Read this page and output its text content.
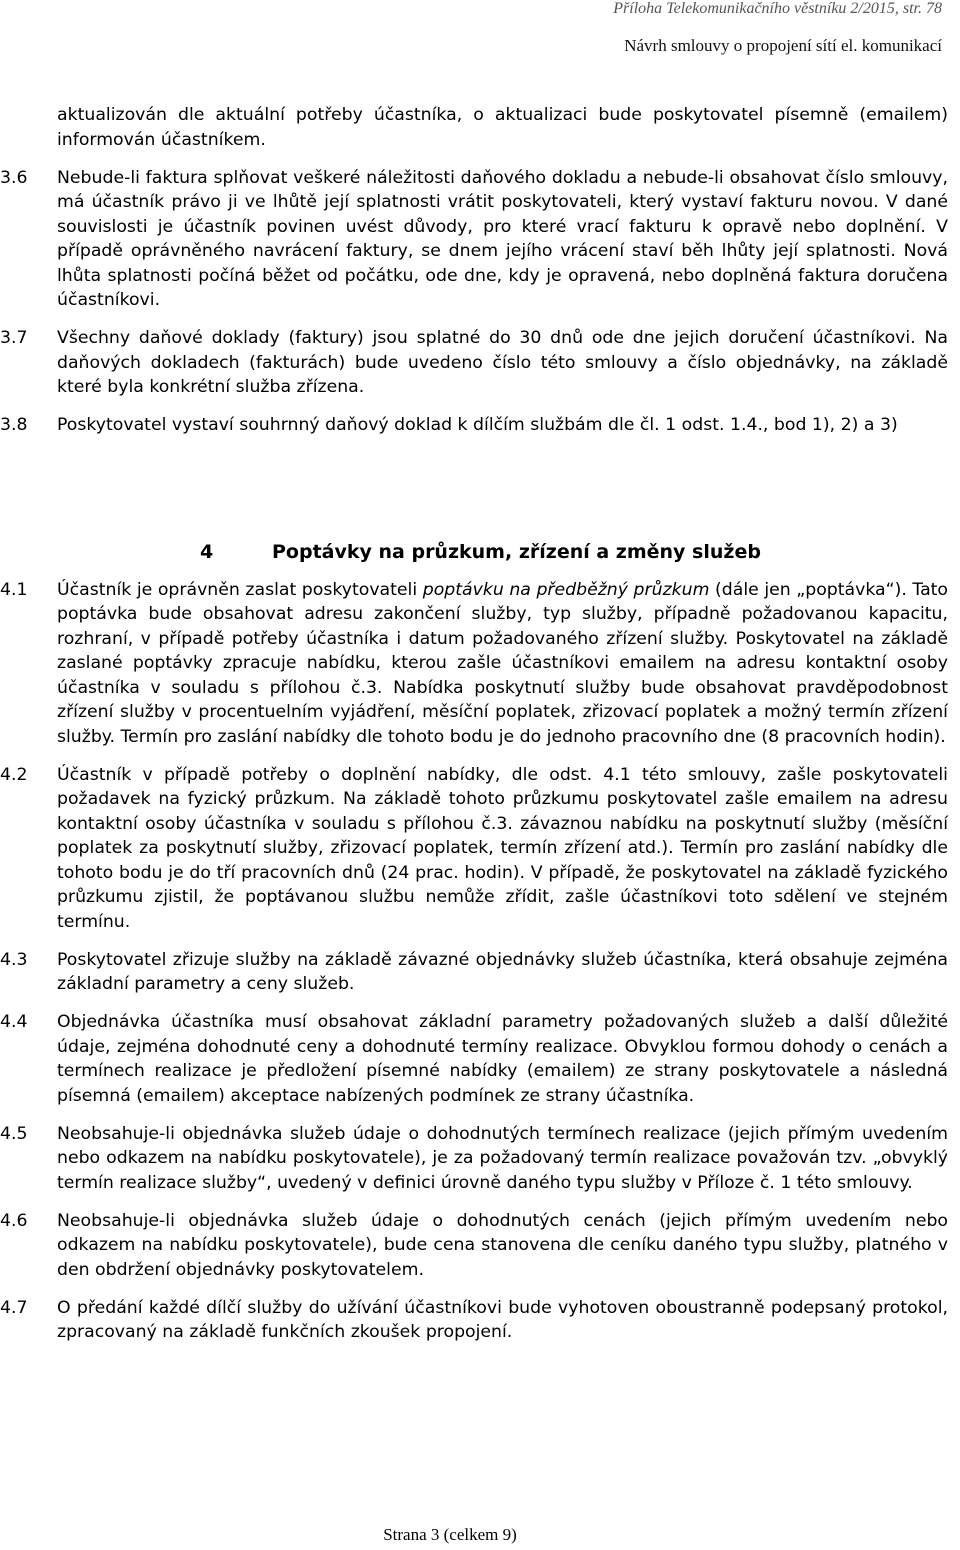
Příloha Telekomunikačního věstníku 2/2015, str. 78
Návrh smlouvy o propojení sítí el. komunikací
aktualizován dle aktuální potřeby účastníka, o aktualizaci bude poskytovatel písemně (emailem) informován účastníkem.
3.6 Nebude-li faktura splňovat veškeré náležitosti daňového dokladu a nebude-li obsahovat číslo smlouvy, má účastník právo ji ve lhůtě její splatnosti vrátit poskytovateli, který vystaví fakturu novou. V dané souvislosti je účastník povinen uvést důvody, pro které vrací fakturu k opravě nebo doplnění. V případě oprávněného navrácení faktury, se dnem jejího vrácení staví běh lhůty její splatnosti. Nová lhůta splatnosti počíná běžet od počátku, ode dne, kdy je opravená, nebo doplněná faktura doručena účastníkovi.
3.7 Všechny daňové doklady (faktury) jsou splatné do 30 dnů ode dne jejich doručení účastníkovi. Na daňových dokladech (fakturách) bude uvedeno číslo této smlouvy a číslo objednávky, na základě které byla konkrétní služba zřízena.
3.8 Poskytovatel vystaví souhrnný daňový doklad k dílčím službám dle čl. 1 odst. 1.4., bod 1), 2) a 3)
4	Poptávky na průzkum, zřízení a změny služeb
4.1 Účastník je oprávněn zaslat poskytovateli poptávku na předběžný průzkum (dále jen „poptávka“). Tato poptávka bude obsahovat adresu zakončení služby, typ služby, případně požadovanou kapacitu, rozhraní, v případě potřeby účastníka i datum požadovaného zřízení služby. Poskytovatel na základě zaslané poptávky zpracuje nabídku, kterou zašle účastníkovi emailem na adresu kontaktní osoby účastníka v souladu s přílohou č.3. Nabídka poskytnutí služby bude obsahovat pravděpodobnost zřízení služby v procentuelním vyjádření, měsíční poplatek, zřizovací poplatek a možný termín zřízení služby. Termín pro zaslání nabídky dle tohoto bodu je do jednoho pracovního dne (8 pracovních hodin).
4.2 Účastník v případě potřeby o doplnění nabídky, dle odst. 4.1 této smlouvy, zašle poskytovateli požadavek na fyzický průzkum. Na základě tohoto průzkumu poskytovatel zašle emailem na adresu kontaktní osoby účastníka v souladu s přílohou č.3. závaznou nabídku na poskytnutí služby (měsíční poplatek za poskytnutí služby, zřizovací poplatek, termín zřízení atd.). Termín pro zaslání nabídky dle tohoto bodu je do tří pracovních dnů (24 prac. hodin). V případě, že poskytovatel na základě fyzického průzkumu zjistil, že poptávanou službu nemůže zřídit, zašle účastníkovi toto sdělení ve stejném termínu.
4.3 Poskytovatel zřizuje služby na základě závazné objednávky služeb účastníka, která obsahuje zejména základní parametry a ceny služeb.
4.4 Objednávka účastníka musí obsahovat základní parametry požadovaných služeb a další důležité údaje, zejména dohodnuté ceny a dohodnuté termíny realizace. Obvyklou formou dohody o cenách a termínech realizace je předložení písemné nabídky (emailem) ze strany poskytovatele a následná písemná (emailem) akceptace nabízených podmínek ze strany účastníka.
4.5 Neobsahuje-li objednávka služeb údaje o dohodnutých termínech realizace (jejich přímým uvedením nebo odkazem na nabídku poskytovatele), je za požadovaný termín realizace považován tzv. „obvyklý termín realizace služby“, uvedený v definici úrovně daného typu služby v Příloze č. 1 této smlouvy.
4.6 Neobsahuje-li objednávka služeb údaje o dohodnutých cenách (jejich přímým uvedením nebo odkazem na nabídku poskytovatele), bude cena stanovena dle ceníku daného typu služby, platného v den obdržení objednávky poskytovatelem.
4.7 O předání každé dílčí služby do užívání účastníkovi bude vyhotoven oboustranně podepsaný protokol, zpracovaný na základě funkčních zkoušek propojení.
Strana 3 (celkem 9)
